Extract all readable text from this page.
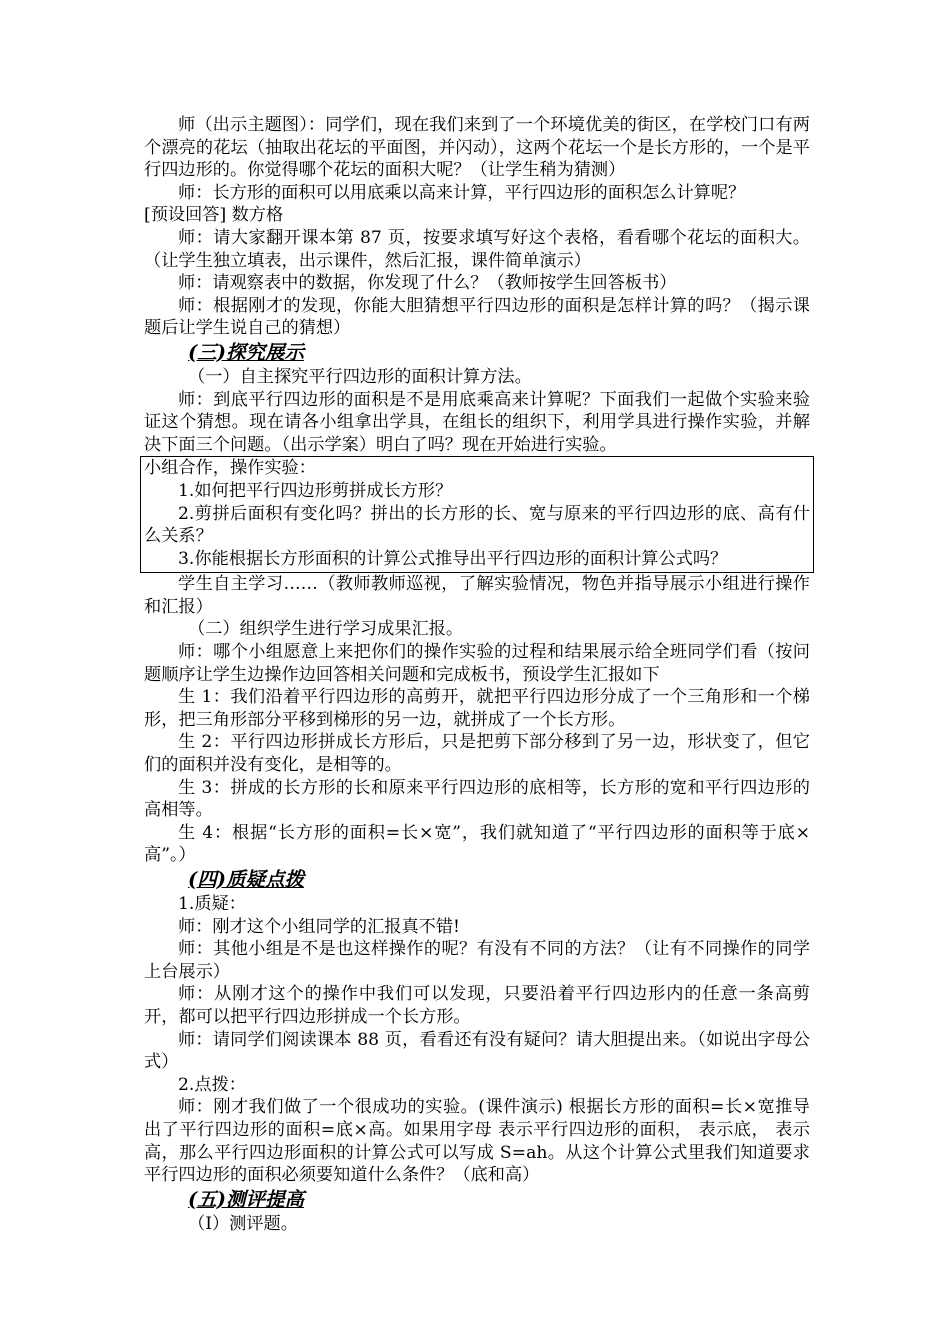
师（出示主题图）：同学们，现在我们来到了一个环境优美的街区，在学校门口有两个漂亮的花坛（抽取出花坛的平面图，并闪动），这两个花坛一个是长方形的，一个是平行四边形的。你觉得哪个花坛的面积大呢？（让学生稍为猜测）

师：长方形的面积可以用底乘以高来计算，平行四边形的面积怎么计算呢？

[预设回答] 数方格

师：请大家翻开课本第 87 页，按要求填写好这个表格，看看哪个花坛的面积大。（让学生独立填表，出示课件，然后汇报，课件简单演示）

师：请观察表中的数据，你发现了什么？（教师按学生回答板书）

师：根据刚才的发现，你能大胆猜想平行四边形的面积是怎样计算的吗？（揭示课题后让学生说自己的猜想）

(三)探究展示

（一）自主探究平行四边形的面积计算方法。

师：到底平行四边形的面积是不是用底乘高来计算呢？下面我们一起做个实验来验证这个猜想。现在请各小组拿出学具，在组长的组织下，利用学具进行操作实验，并解决下面三个问题。（出示学案）明白了吗？现在开始进行实验。

小组合作，操作实验：

1.如何把平行四边形剪拼成长方形？

2.剪拼后面积有变化吗？拼出的长方形的长、宽与原来的平行四边形的底、高有什么关系？

3.你能根据长方形面积的计算公式推导出平行四边形的面积计算公式吗？

学生自主学习……（教师教师巡视，了解实验情况，物色并指导展示小组进行操作和汇报）

（二）组织学生进行学习成果汇报。

师：哪个小组愿意上来把你们的操作实验的过程和结果展示给全班同学们看（按问题顺序让学生边操作边回答相关问题和完成板书，预设学生汇报如下

生 1：我们沿着平行四边形的高剪开，就把平行四边形分成了一个三角形和一个梯形，把三角形部分平移到梯形的另一边，就拼成了一个长方形。

生 2：平行四边形拼成长方形后，只是把剪下部分移到了另一边，形状变了，但它们的面积并没有变化，是相等的。

生 3：拼成的长方形的长和原来平行四边形的底相等，长方形的宽和平行四边形的高相等。

生 4：根据“长方形的面积=长×宽”，我们就知道了“平行四边形的面积等于底×高”。）

(四)质疑点拨

1.质疑：

师：刚才这个小组同学的汇报真不错!

师：其他小组是不是也这样操作的呢？有没有不同的方法？（让有不同操作的同学上台展示）

师：从刚才这个的操作中我们可以发现，只要沿着平行四边形内的任意一条高剪开，都可以把平行四边形拼成一个长方形。

师：请同学们阅读课本 88 页，看看还有没有疑问？请大胆提出来。（如说出字母公式）

2.点拨：

师：刚才我们做了一个很成功的实验。(课件演示) 根据长方形的面积=长×宽推导出了平行四边形的面积=底×高。如果用字母 表示平行四边形的面积， 表示底， 表示高，那么平行四边形面积的计算公式可以写成 S=ah。从这个计算公式里我们知道要求平行四边形的面积必须要知道什么条件？（底和高）

(五)测评提高

（Ⅰ）测评题。
